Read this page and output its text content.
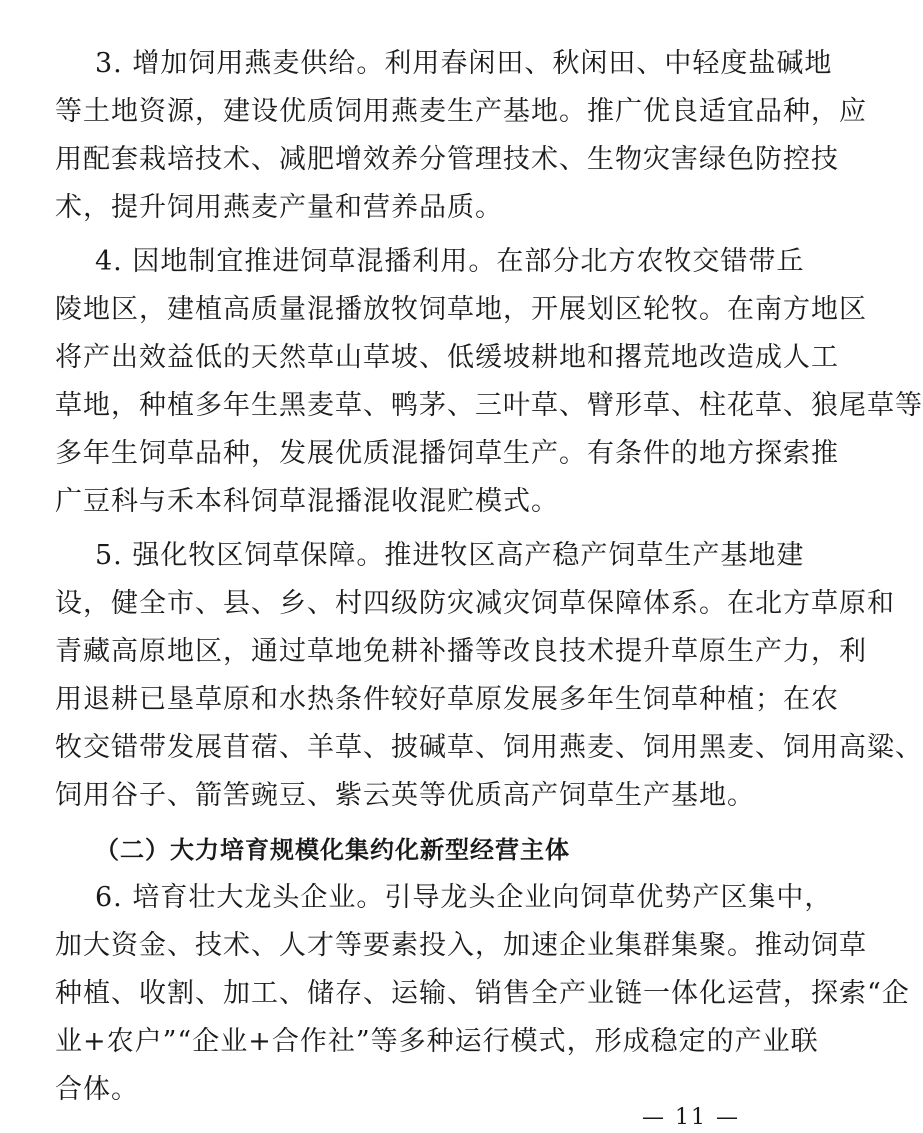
3. 增加饲用燕麦供给。利用春闲田、秋闲田、中轻度盐碱地
等土地资源，建设优质饲用燕麦生产基地。推广优良适宜品种，应
用配套栽培技术、减肥增效养分管理技术、生物灾害绿色防控技
术，提升饲用燕麦产量和营养品质。
4. 因地制宜推进饲草混播利用。在部分北方农牧交错带丘
陵地区，建植高质量混播放牧饲草地，开展划区轮牧。在南方地区
将产出效益低的天然草山草坡、低缓坡耕地和撂荒地改造成人工
草地，种植多年生黑麦草、鸭茅、三叶草、臂形草、柱花草、狼尾草等
多年生饲草品种，发展优质混播饲草生产。有条件的地方探索推
广豆科与禾本科饲草混播混收混贮模式。
5. 强化牧区饲草保障。推进牧区高产稳产饲草生产基地建
设，健全市、县、乡、村四级防灾减灾饲草保障体系。在北方草原和
青藏高原地区，通过草地免耕补播等改良技术提升草原生产力，利
用退耕已垦草原和水热条件较好草原发展多年生饲草种植；在农
牧交错带发展苜蓿、羊草、披碱草、饲用燕麦、饲用黑麦、饲用高粱、
饲用谷子、箭筈豌豆、紫云英等优质高产饲草生产基地。
（二）大力培育规模化集约化新型经营主体
6. 培育壮大龙头企业。引导龙头企业向饲草优势产区集中，
加大资金、技术、人才等要素投入，加速企业集群集聚。推动饲草
种植、收割、加工、储存、运输、销售全产业链一体化运营，探索“企
业+农户”“企业+合作社”等多种运行模式，形成稳定的产业联
合体。
— 11 —
